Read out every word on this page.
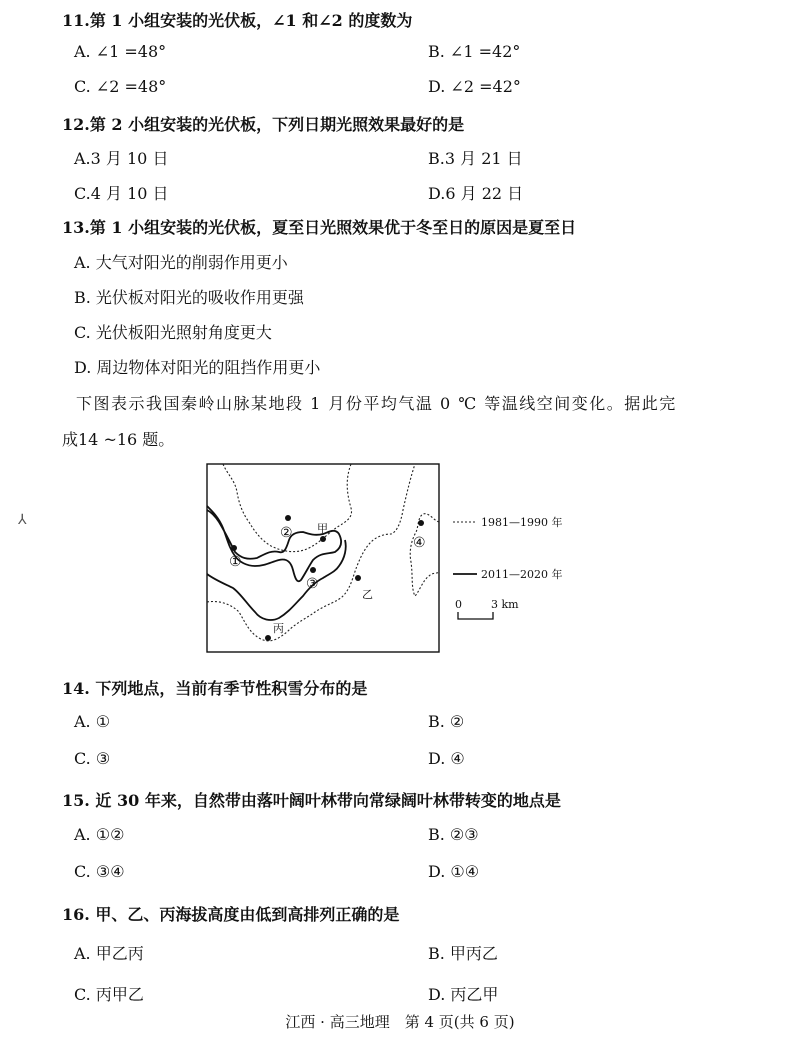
11.第 1 小组安装的光伏板，∠1 和∠2 的度数为
A. ∠1 =48°	B. ∠1 =42°
C. ∠2 =48°	D. ∠2 =42°
12.第 2 小组安装的光伏板，下列日期光照效果最好的是
A.3 月 10 日	B.3 月 21 日
C.4 月 10 日	D.6 月 22 日
13.第 1 小组安装的光伏板，夏至日光照效果优于冬至日的原因是夏至日
A. 大气对阳光的削弱作用更小
B. 光伏板对阳光的吸收作用更强
C. 光伏板阳光照射角度更大
D. 周边物体对阳光的阻挡作用更小
下图表示我国秦岭山脉某地段 1 月份平均气温 0 ℃ 等温线空间变化。据此完
成14 ~16 题。
⅄
①
② 甲
③
乙
丙
④
1981—1990 年
2011—2020 年
0	3 km
14. 下列地点，当前有季节性积雪分布的是
A. ①	B. ②
C. ③	D. ④
15. 近 30 年来，自然带由落叶阔叶林带向常绿阔叶林带转变的地点是
A. ①②	B. ②③
C. ③④	D. ①④
16. 甲、乙、丙海拔高度由低到高排列正确的是
A. 甲乙丙	B. 甲丙乙
C. 丙甲乙	D. 丙乙甲
江西 · 高三地理　第 4 页(共 6 页)
